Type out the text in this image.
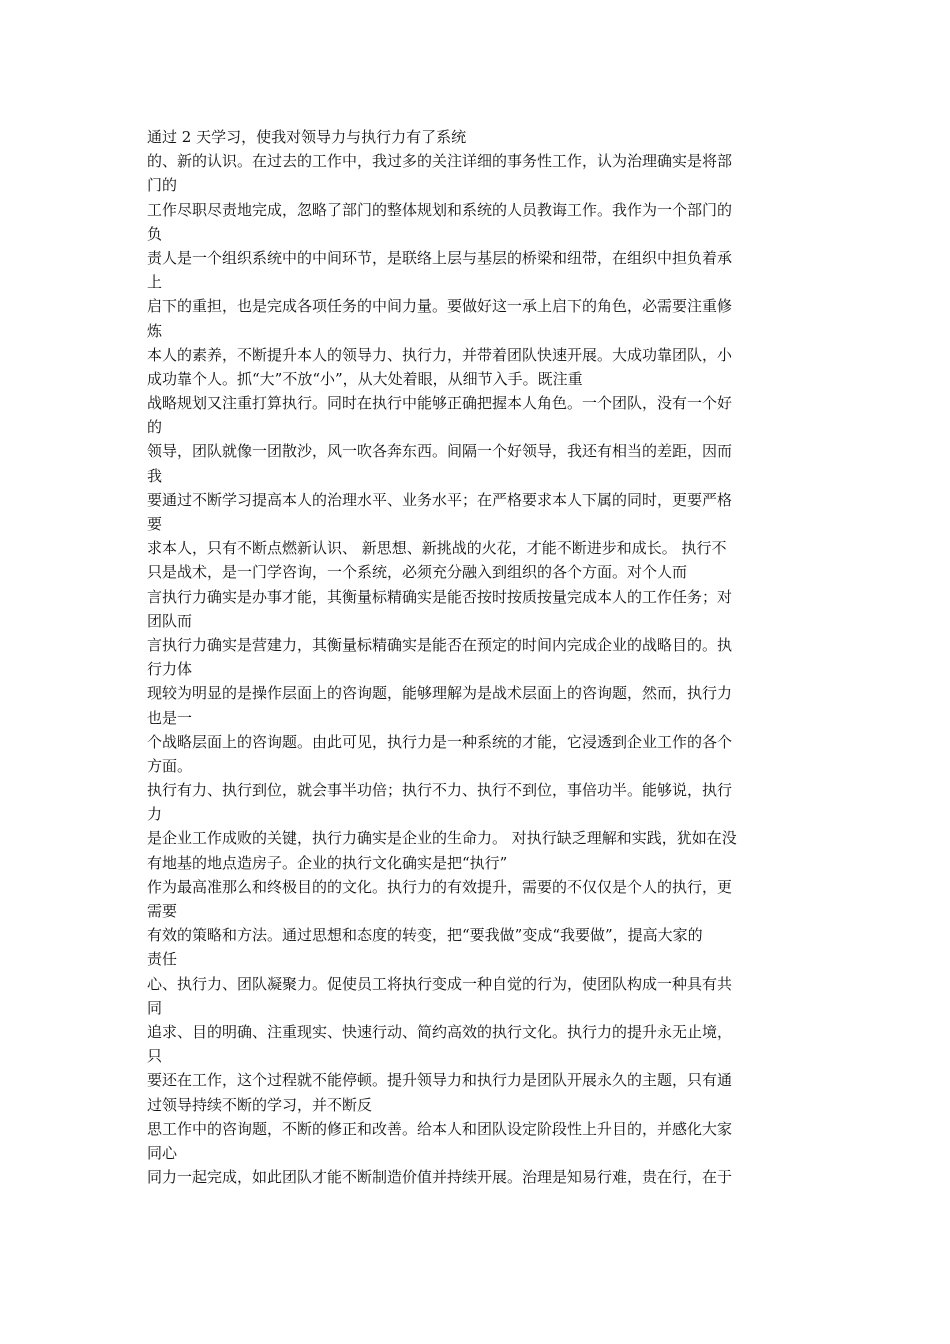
通过 2 天学习，使我对领导力与执行力有了系统

的、新的认识。在过去的工作中，我过多的关注详细的事务性工作，认为治理确实是将部

门的

工作尽职尽责地完成，忽略了部门的整体规划和系统的人员教诲工作。我作为一个部门的

负

责人是一个组织系统中的中间环节，是联络上层与基层的桥梁和纽带，在组织中担负着承

上

启下的重担，也是完成各项任务的中间力量。要做好这一承上启下的角色，必需要注重修

炼

本人的素养，不断提升本人的领导力、执行力，并带着团队快速开展。大成功靠团队，小

成功靠个人。抓“大”不放“小”，从大处着眼，从细节入手。既注重

战略规划又注重打算执行。同时在执行中能够正确把握本人角色。一个团队，没有一个好

的

领导，团队就像一团散沙，风一吹各奔东西。间隔一个好领导，我还有相当的差距，因而

我

要通过不断学习提高本人的治理水平、业务水平；在严格要求本人下属的同时，更要严格

要

求本人，只有不断点燃新认识、 新思想、新挑战的火花，才能不断进步和成长。 执行不

只是战术，是一门学咨询，一个系统，必须充分融入到组织的各个方面。对个人而

言执行力确实是办事才能，其衡量标精确实是能否按时按质按量完成本人的工作任务；对

团队而

言执行力确实是营建力，其衡量标精确实是能否在预定的时间内完成企业的战略目的。执

行力体

现较为明显的是操作层面上的咨询题，能够理解为是战术层面上的咨询题，然而，执行力

也是一

个战略层面上的咨询题。由此可见，执行力是一种系统的才能，它浸透到企业工作的各个

方面。

执行有力、执行到位，就会事半功倍；执行不力、执行不到位，事倍功半。能够说，执行

力

是企业工作成败的关键，执行力确实是企业的生命力。 对执行缺乏理解和实践，犹如在没

有地基的地点造房子。企业的执行文化确实是把“执行”

作为最高准那么和终极目的的文化。执行力的有效提升，需要的不仅仅是个人的执行，更

需要

有效的策略和方法。通过思想和态度的转变，把“要我做”变成“我要做”，提高大家的

责任

心、执行力、团队凝聚力。促使员工将执行变成一种自觉的行为，使团队构成一种具有共

同

追求、目的明确、注重现实、快速行动、简约高效的执行文化。执行力的提升永无止境，

只

要还在工作，这个过程就不能停顿。提升领导力和执行力是团队开展永久的主题，只有通

过领导持续不断的学习，并不断反

思工作中的咨询题，不断的修正和改善。给本人和团队设定阶段性上升目的，并感化大家

同心

同力一起完成，如此团队才能不断制造价值并持续开展。治理是知易行难，贵在行，在于
